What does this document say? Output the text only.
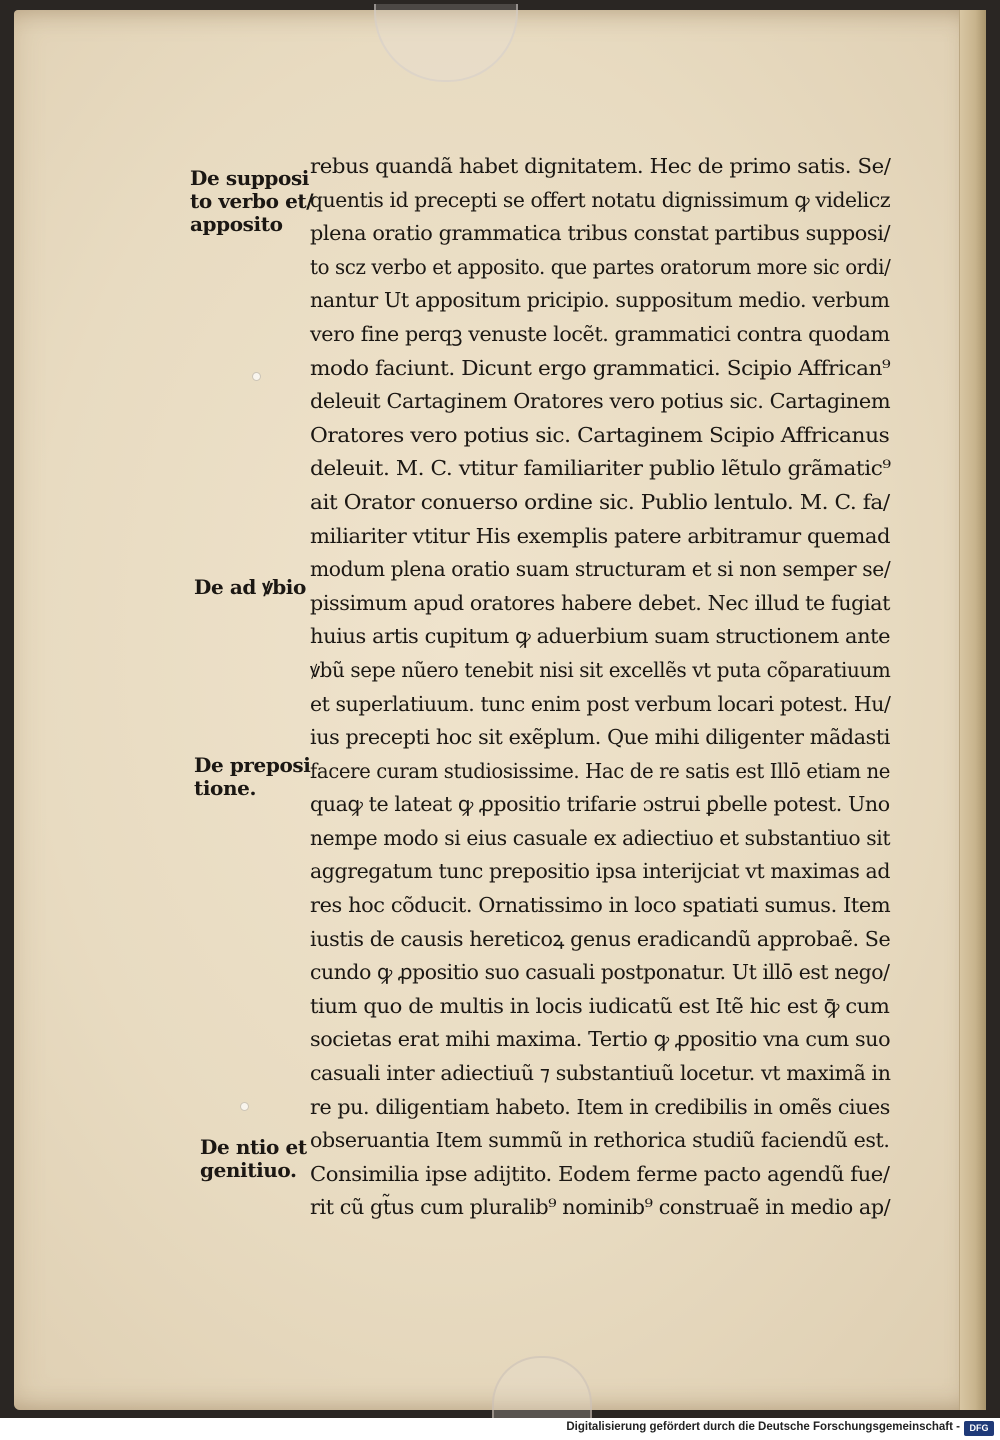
De supposi
to verbo et/
apposito
De ad ꝟbio
De preposi
tione.
De ntio et
genitiuo.
rebus quandã habet dignitatem. Hec de primo satis. Se/
quentis id precepti se offert notatu dignissimum ꝙ videlicz
plena oratio grammatica tribus constat partibus supposi/
to scz verbo et apposito. que partes oratorum more sic ordi/
nantur Ut appositum pricipio. suppositum medio. verbum
vero fine perqꝫ venuste locẽt. grammatici contra quodam
modo faciunt. Dicunt ergo grammatici. Scipio Affrican⁹
deleuit Cartaginem Oratores vero potius sic. Cartaginem
Oratores vero potius sic. Cartaginem Scipio Affricanus
deleuit. M. C. vtitur familiariter publio lẽtulo grãmatic⁹
ait Orator conuerso ordine sic. Publio lentulo. M. C. fa/
miliariter vtitur His exemplis patere arbitramur quemad
modum plena oratio suam structuram et si non semper se/
pissimum apud oratores habere debet. Nec illud te fugiat
huius artis cupitum ꝙ aduerbium suam structionem ante
ꝟbũ sepe nũero tenebit nisi sit excellẽs vt puta cõparatiuum
et superlatiuum. tunc enim post verbum locari potest. Hu/
ius precepti hoc sit exẽplum. Que mihi diligenter mãdasti
facere curam studiosissime. Hac de re satis est Illō etiam ne
quaꝙ te lateat ꝙ ꝓpositio trifarie ɔstrui ꝑbelle potest. Uno
nempe modo si eius casuale ex adiectiuo et substantiuo sit
aggregatum tunc prepositio ipsa interijciat vt maximas ad
res hoc cõducit. Ornatissimo in loco spatiati sumus. Item
iustis de causis hereticoꝝ genus eradicandũ approbaẽ. Se
cundo ꝙ ꝓpositio suo casuali postponatur. Ut illō est nego/
tium quo de multis in locis iudicatũ est Itẽ hic est ꝙ̄ cum
societas erat mihi maxima. Tertio ꝙ ꝓpositio vna cum suo
casuali inter adiectiuũ ⁊ substantiuũ locetur. vt maximã in
re pu. diligentiam habeto. Item in credibilis in omẽs ciues
obseruantia Item summũ in rethorica studiũ faciendũ est.
Consimilia ipse adijtito. Eodem ferme pacto agendũ fue/
rit cũ gt̃us cum pluralib⁹ nominib⁹ construaẽ in medio ap/
Digitalisierung gefördert durch die Deutsche Forschungsgemeinschaft -	DFG
